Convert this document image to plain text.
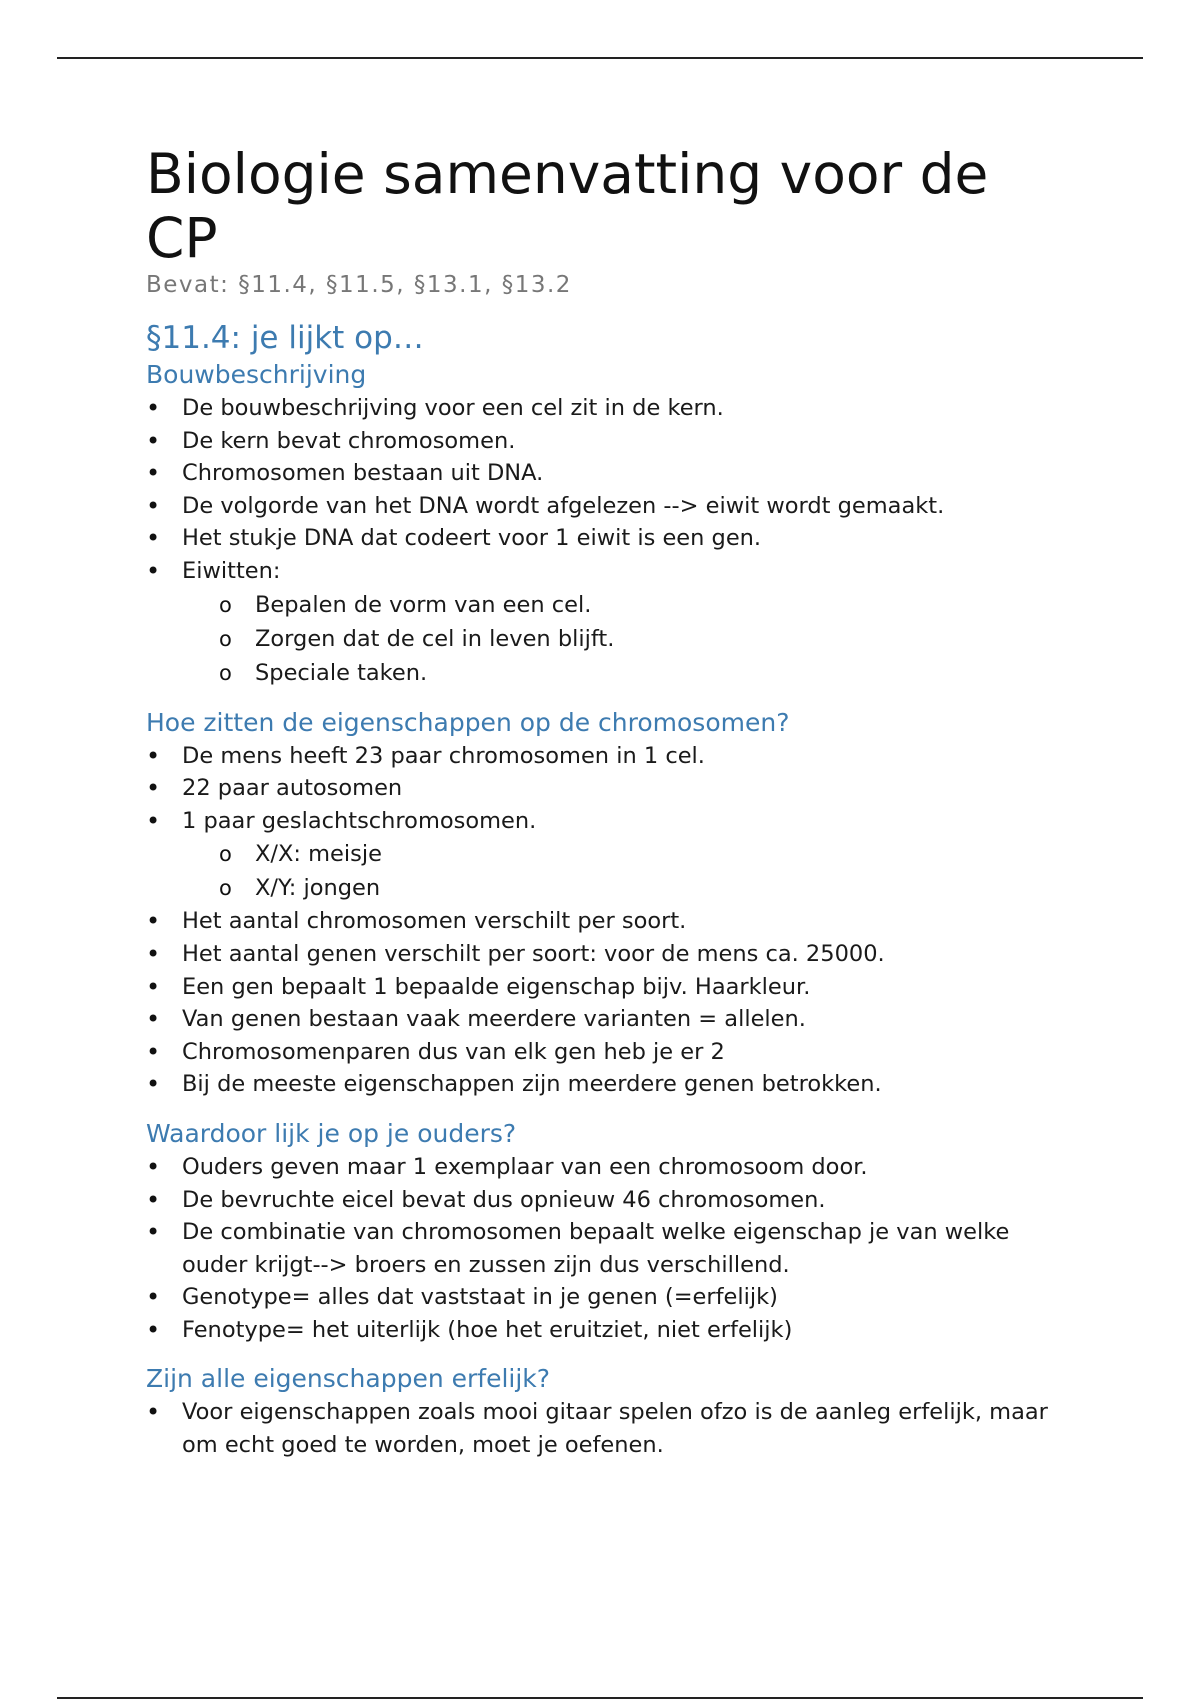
Biologie samenvatting voor de CP

Bevat: §11.4, §11.5, §13.1, §13.2

§11.4: je lijkt op…
Bouwbeschrijving
• De bouwbeschrijving voor een cel zit in de kern.
• De kern bevat chromosomen.
• Chromosomen bestaan uit DNA.
• De volgorde van het DNA wordt afgelezen --> eiwit wordt gemaakt.
• Het stukje DNA dat codeert voor 1 eiwit is een gen.
• Eiwitten:
o Bepalen de vorm van een cel.
o Zorgen dat de cel in leven blijft.
o Speciale taken.
Hoe zitten de eigenschappen op de chromosomen?
• De mens heeft 23 paar chromosomen in 1 cel.
• 22 paar autosomen
• 1 paar geslachtschromosomen.
o X/X: meisje
o X/Y: jongen
• Het aantal chromosomen verschilt per soort.
• Het aantal genen verschilt per soort: voor de mens ca. 25000.
• Een gen bepaalt 1 bepaalde eigenschap bijv. Haarkleur.
• Van genen bestaan vaak meerdere varianten = allelen.
• Chromosomenparen dus van elk gen heb je er 2
• Bij de meeste eigenschappen zijn meerdere genen betrokken.
Waardoor lijk je op je ouders?
• Ouders geven maar 1 exemplaar van een chromosoom door.
• De bevruchte eicel bevat dus opnieuw 46 chromosomen.
• De combinatie van chromosomen bepaalt welke eigenschap je van welke ouder krijgt--> broers en zussen zijn dus verschillend.
• Genotype= alles dat vaststaat in je genen (=erfelijk)
• Fenotype= het uiterlijk (hoe het eruitziet, niet erfelijk)
Zijn alle eigenschappen erfelijk?
• Voor eigenschappen zoals mooi gitaar spelen ofzo is de aanleg erfelijk, maar om echt goed te worden, moet je oefenen.
